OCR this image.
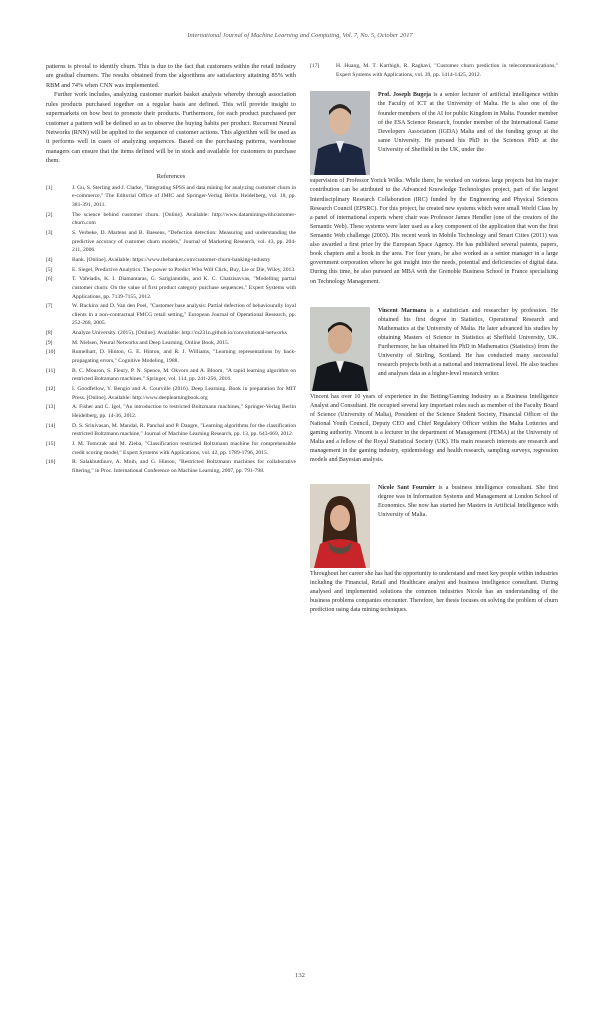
International Journal of Machine Learning and Computing, Vol. 7, No. 5, October 2017

patterns is pivotal to identify churn. This is due to the fact that customers within the retail industry are gradual churners. The results obtained from the algorithms are satisfactory attaining 85% with RBM and 74% when CNN was implemented.

Further work includes, analyzing customer market basket analysis whereby through association rules products purchased together on a regular basis are defined. This will provide insight to supermarkets on how best to promote their products. Furthermore, for each product purchased per customer a pattern will be defined so as to observe the buying habits per product. Recurrent Neural Networks (RNN) will be applied to the sequence of customer actions. This algorithm will be used as it performs well in cases of analyzing sequences. Based on the purchasing patterns, warehouse managers can ensure that the items defined will be in stock and available for customers to purchase them.

References
[1]	J. Gu, S. Sterling and J. Clarke, "Integrating SPSS and data mining for analyzing customer churn in e-commerce," The Editorial Office of JMIC and Springer-Verlag Berlin Heidelberg, vol. 18, pp. 381-391, 2011.
[2]	The science behind customer churn. [Online]. Available: http://www.dataminingwithcustomer-churn.com
[3]	S. Verbeke, D. Martens and B. Baesens, "Defection detection: Measuring and understanding the predictive accuracy of customer churn models," Journal of Marketing Research, vol. 43, pp. 204-211, 2006.
[4]	Bank. [Online]. Available: https://www.thebanker.com/customer-churn-banking-industry
[5]	E. Siegel, Predictive Analytics: The power to Predict Who Will Click, Buy, Lie or Die, Wiley, 2013.
[6]	T. Vafeiadis, K. I. Diamantaras, G. Sarigiannidis, and K. C. Chatzisavvas, "Modelling partial customer churn: On the value of first product category purchase sequences," Expert Systems with Applications, pp. 7139-7155, 2012.
[7]	W. Buckinx and D. Van den Poel, "Customer base analysis: Partial defection of behaviourally loyal clients in a non-contractual FMCG retail setting," European Journal of Operational Research, pp. 252-268, 2005.
[8]	Analyze University. (2015). [Online]. Available: http://cs231n.github.io/convolutional-networks
[9]	M. Nielsen, Neural Networks and Deep Learning, Online Book, 2015.
[10]	Rumelhart, D. Hinton, G. E. Hinton, and R. J. Williams, "Learning representations by back-propagating errors," Cognitive Modeling, 1988.
[11]	B. C. Mouron, S. Fleury, P. N. Spence, M. Okvoro and A. Bloom, "A rapid learning algorithm on restricted Boltzmann machines," Springer, vol. 114, pp. 241-256, 2016.
[12]	I. Goodfellow, Y. Bengio and A. Courville (2016). Deep Learning. Book in preparation for MIT Press. [Online]. Available: http://www.deeplearningbook.org
[13]	A. Fisher and C. Igel, "An introduction to restricted Boltzmann machines," Springer-Verlag Berlin Heidelberg, pp. 14-36, 2012.
[14]	D. S. Srinivasan, M. Mandal, R. Panchal and P. Dangre, "Learning algorithms for the classification restricted Boltzmann machine," Journal of Machine Learning Research, pp. 13, pp. 643-669, 2012.
[15]	J. M. Tomczak and M. Zieba, "Classification restricted Boltzmann machine for comprehensible credit scoring model," Expert Systems with Applications, vol. 42, pp. 1789-1796, 2015.
[16]	R. Salakhutdinov, A. Mnih, and G. Hinton, "Restricted Boltzmann machines for collaborative filtering," in Proc. International Conference on Machine Learning, 2007, pp. 791-798.
[17]	H. Huang, M. T. Karthigh, R. Raghavi, "Customer churn prediction in telecommunications," Expert Systems with Applications, vol. 39, pp. 1414-1425, 2012.

Prof. Joseph Bugeja is a senior lecturer of artificial intelligence within the Faculty of ICT at the University of Malta. He is also one of the founder members of the AI for public Kingdom in Malta. Founder member of the ESA Science Research, founder member of the International Game Developers Association (IGDA) Malta and of the funding group at the same University. He pursued his PhD in the Sciences PhD at the University of Sheffield in the UK, under the

supervision of Professor Yorick Wilks. While there, he worked on various large projects but his major contribution can be attributed to the Advanced Knowledge Technologies project, part of the largest Interdisciplinary Research Collaboration (IRC) funded by the Engineering and Physical Sciences Research Council (EPSRC). For this project, he created new systems which were small World Class by a panel of international experts where chair was Professor James Hendler (one of the creators of the Semantic Web). These systems were later used as a key component of the application that won the first Semantic Web challenge (2003). His recent work in Mobile Technology and Smart Cities (2011) was also awarded a first prize by the European Space Agency. He has published several patents, papers, book chapters and a book in the area. For four years, he also worked as a senior manager in a large government corporation where he got insight into the needs, potential and deficiencies of digital data. During this time, he also pursued an MBA with the Grenoble Business School in France specialising on Technology Management.

Vincent Marmara is a statistician and researcher by profession. He obtained his first degree in Statistics, Operational Research and Mathematics at the University of Malta. He later advanced his studies by obtaining Masters of Science in Statistics at Sheffield University, UK. Furthermore, he has obtained his PhD in Mathematics (Statistics) from the University of Stirling, Scotland. He has conducted many successful research projects both at a national and international level. He also teaches and analyses data as a higher-level research writer.

Vincent has over 10 years of experience in the Betting/Gaming Industry as a Business Intelligence Analyst and Consultant. He occupied several key important roles such as member of the Faculty Board of Science (University of Malta), President of the Science Student Society, Financial Officer of the National Youth Council, Deputy CEO and Chief Regulatory Officer within the Malta Lotteries and gaming authority. Vincent is a lecturer in the department of Management (FEMA) at the University of Malta and a fellow of the Royal Statistical Society (UK). His main research interests are research and management in the gaming industry, epidemiology and health research, sampling surveys, regression models and Bayesian analysis.

Nicole Sant Fournier is a business intelligence consultant. She first degree was in Information Systems and Management at London School of Economics. She now has started her Masters in Artificial Intelligence with University of Malta.

Throughout her career she has had the opportunity to understand and meet key people within industries including the Financial, Retail and Healthcare analyst and business intelligence consultant. During analysed and implemented solutions the common industries Nicole has an understanding of the business problems companies encounter. Therefore, her thesis focuses on solving the problem of churn prediction using data mining techniques.
132
